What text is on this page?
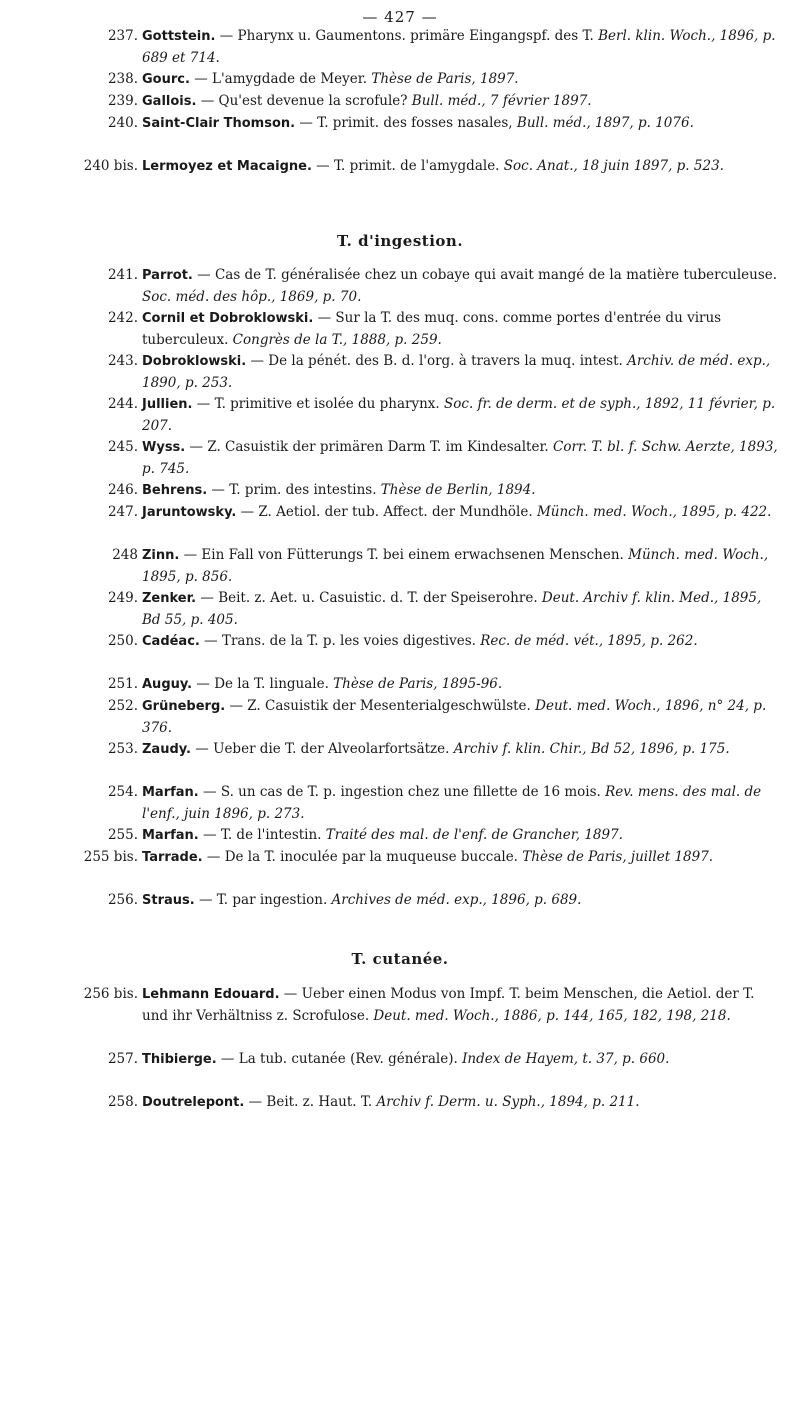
— 427 —
237. Gottstein. — Pharynx u. Gaumentons. primäre Eingangspf. des T. Berl. klin. Woch., 1896, p. 689 et 714.
238. Gourc. — L'amygdade de Meyer. Thèse de Paris, 1897.
239. Gallois. — Qu'est devenue la scrofule? Bull. méd., 7 février 1897.
240. Saint-Clair Thomson. — T. primit. des fosses nasales, Bull. méd., 1897, p. 1076.
240 bis. Lermoyez et Macaigne. — T. primit. de l'amygdale. Soc. Anat., 18 juin 1897, p. 523.
T. d'ingestion.
241. Parrot. — Cas de T. généralisée chez un cobaye qui avait mangé de la matière tuberculeuse. Soc. méd. des hôp., 1869, p. 70.
242. Cornil et Dobroklowski. — Sur la T. des muq. cons. comme portes d'entrée du virus tuberculeux. Congrès de la T., 1888, p. 259.
243. Dobroklowski. — De la pénét. des B. d. l'org. à travers la muq. intest. Archiv. de méd. exp., 1890, p. 253.
244. Jullien. — T. primitive et isolée du pharynx. Soc. fr. de derm. et de syph., 1892, 11 février, p. 207.
245. Wyss. — Z. Casuistik der primären Darm T. im Kindesalter. Corr. T. bl. f. Schw. Aerzte, 1893, p. 745.
246. Behrens. — T. prim. des intestins. Thèse de Berlin, 1894.
247. Jaruntowsky. — Z. Aetiol. der tub. Affect. der Mundhöle. Münch. med. Woch., 1895, p. 422.
248 Zinn. — Ein Fall von Fütterungs T. bei einem erwachsenen Menschen. Münch. med. Woch., 1895, p. 856.
249. Zenker. — Beit. z. Aet. u. Casuistic. d. T. der Speiserohre. Deut. Archiv f. klin. Med., 1895, Bd 55, p. 405.
250. Cadéac. — Trans. de la T. p. les voies digestives. Rec. de méd. vét., 1895, p. 262.
251. Auguy. — De la T. linguale. Thèse de Paris, 1895-96.
252. Grüneberg. — Z. Casuistik der Mesenterialgeschwülste. Deut. med. Woch., 1896, n° 24, p. 376.
253. Zaudy. — Ueber die T. der Alveolarfortsätze. Archiv f. klin. Chir., Bd 52, 1896, p. 175.
254. Marfan. — S. un cas de T. p. ingestion chez une fillette de 16 mois. Rev. mens. des mal. de l'enf., juin 1896, p. 273.
255. Marfan. — T. de l'intestin. Traité des mal. de l'enf. de Grancher, 1897.
255 bis. Tarrade. — De la T. inoculée par la muqueuse buccale. Thèse de Paris, juillet 1897.
256. Straus. — T. par ingestion. Archives de méd. exp., 1896, p. 689.
T. cutanée.
256 bis. Lehmann Edouard. — Ueber einen Modus von Impf. T. beim Menschen, die Aetiol. der T. und ihr Verhältniss z. Scrofulose. Deut. med. Woch., 1886, p. 144, 165, 182, 198, 218.
257. Thibierge. — La tub. cutanée (Rev. générale). Index de Hayem, t. 37, p. 660.
258. Doutrelepont. — Beit. z. Haut. T. Archiv f. Derm. u. Syph., 1894, p. 211.
